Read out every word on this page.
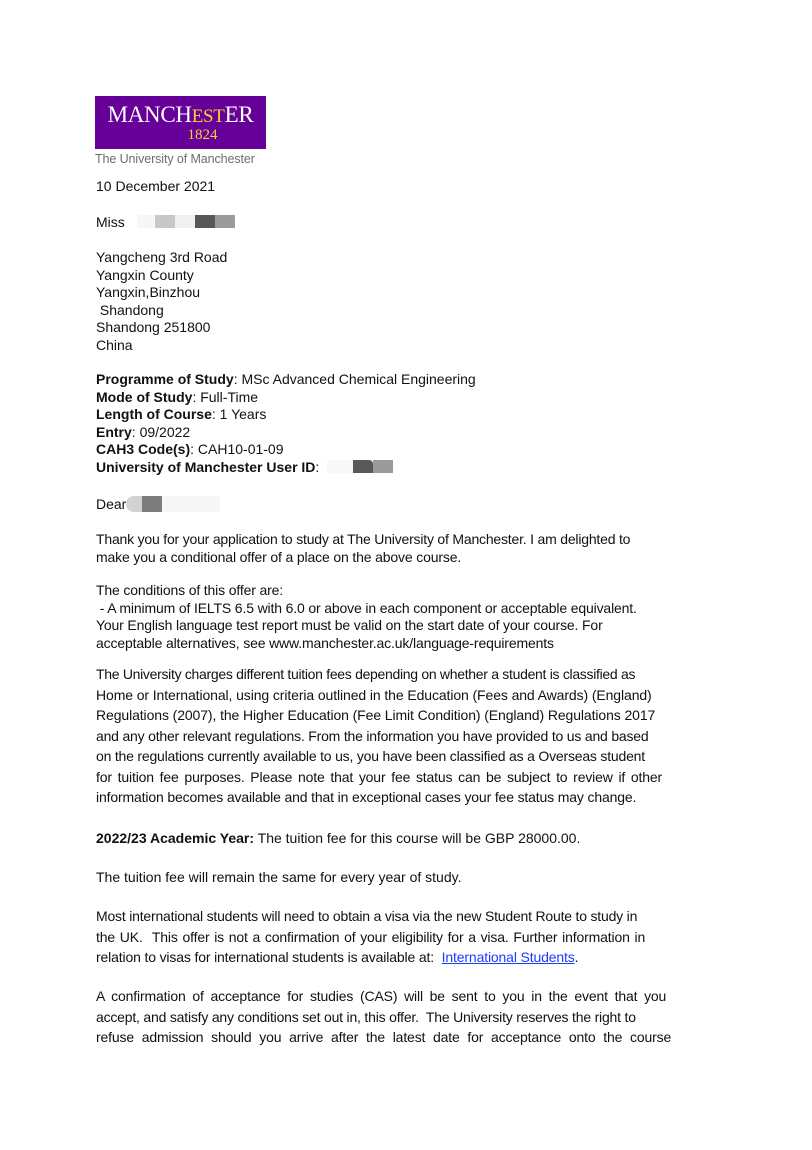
MANCHESTER
1824
The University of Manchester
10 December 2021
Miss
Yangcheng 3rd Road
Yangxin County
Yangxin,Binzhou
Shandong
Shandong 251800
China
Programme of Study: MSc Advanced Chemical Engineering
Mode of Study: Full-Time
Length of Course: 1 Years
Entry: 09/2022
CAH3 Code(s): CAH10-01-09
University of Manchester User ID:
Dear
Thank you for your application to study at The University of Manchester. I am delighted to
make you a conditional offer of a place on the above course.
The conditions of this offer are:
- A minimum of IELTS 6.5 with 6.0 or above in each component or acceptable equivalent.
Your English language test report must be valid on the start date of your course. For
acceptable alternatives, see www.manchester.ac.uk/language-requirements
The University charges different tuition fees depending on whether a student is classified as
Home or International, using criteria outlined in the Education (Fees and Awards) (England)
Regulations (2007), the Higher Education (Fee Limit Condition) (England) Regulations 2017
and any other relevant regulations. From the information you have provided to us and based
on the regulations currently available to us, you have been classified as a Overseas student
for tuition fee purposes. Please note that your fee status can be subject to review if other
information becomes available and that in exceptional cases your fee status may change.
2022/23 Academic Year: The tuition fee for this course will be GBP 28000.00.
The tuition fee will remain the same for every year of study.
Most international students will need to obtain a visa via the new Student Route to study in
the UK.  This offer is not a confirmation of your eligibility for a visa. Further information in
relation to visas for international students is available at: International Students.
A confirmation of acceptance for studies (CAS) will be sent to you in the event that you
accept, and satisfy any conditions set out in, this offer.  The University reserves the right to
refuse admission should you arrive after the latest date for acceptance onto the course
